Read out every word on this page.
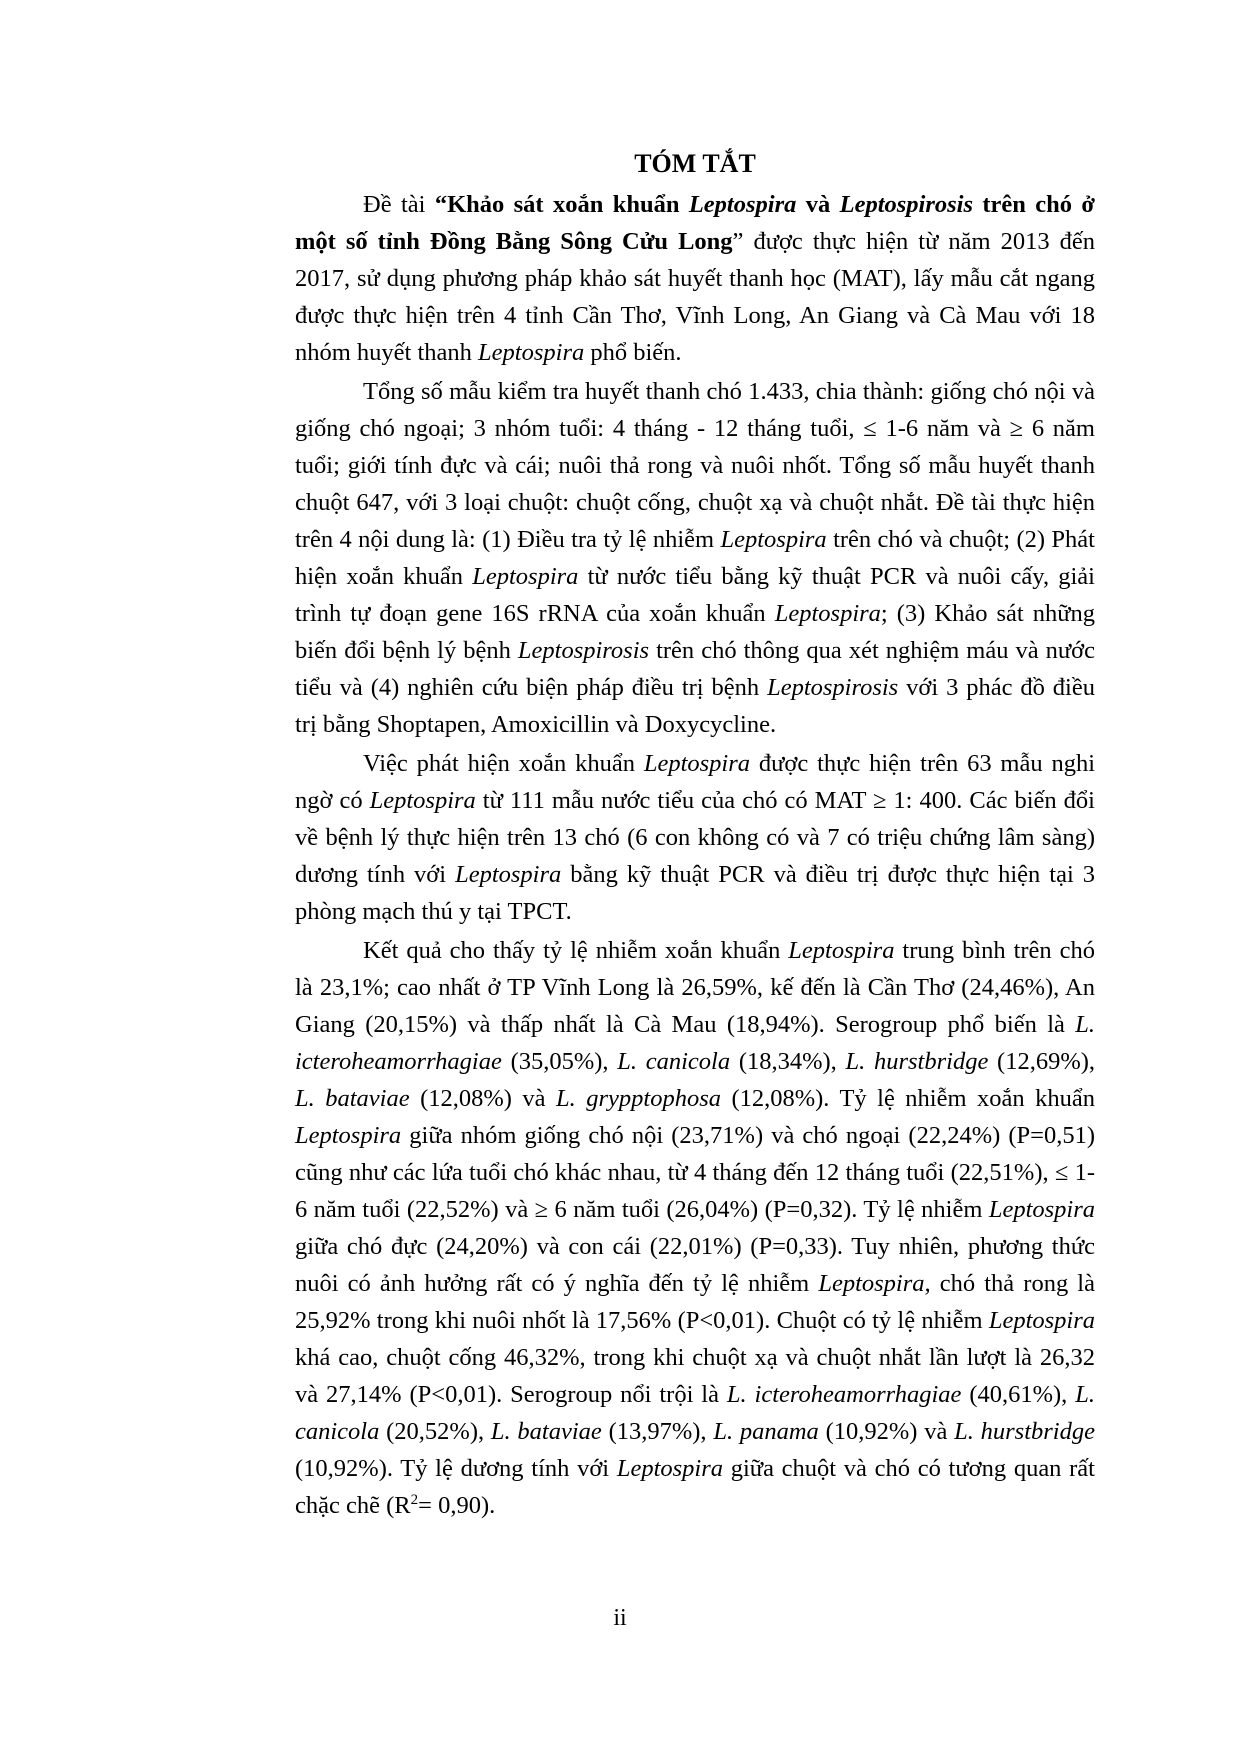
TÓM TẮT

Đề tài “Khảo sát xoắn khuẩn Leptospira và Leptospirosis trên chó ở một số tỉnh Đồng Bằng Sông Cửu Long” được thực hiện từ năm 2013 đến 2017, sử dụng phương pháp khảo sát huyết thanh học (MAT), lấy mẫu cắt ngang được thực hiện trên 4 tỉnh Cần Thơ, Vĩnh Long, An Giang và Cà Mau với 18 nhóm huyết thanh Leptospira phổ biến.

Tổng số mẫu kiểm tra huyết thanh chó 1.433, chia thành: giống chó nội và giống chó ngoại; 3 nhóm tuổi: 4 tháng - 12 tháng tuổi, ≤ 1-6 năm và ≥ 6 năm tuổi; giới tính đực và cái; nuôi thả rong và nuôi nhốt. Tổng số mẫu huyết thanh chuột 647, với 3 loại chuột: chuột cống, chuột xạ và chuột nhắt. Đề tài thực hiện trên 4 nội dung là: (1) Điều tra tỷ lệ nhiễm Leptospira trên chó và chuột; (2) Phát hiện xoắn khuẩn Leptospira từ nước tiểu bằng kỹ thuật PCR và nuôi cấy, giải trình tự đoạn gene 16S rRNA của xoắn khuẩn Leptospira; (3) Khảo sát những biến đổi bệnh lý bệnh Leptospirosis trên chó thông qua xét nghiệm máu và nước tiểu và (4) nghiên cứu biện pháp điều trị bệnh Leptospirosis với 3 phác đồ điều trị bằng Shoptapen, Amoxicillin và Doxycycline.

Việc phát hiện xoắn khuẩn Leptospira được thực hiện trên 63 mẫu nghi ngờ có Leptospira từ 111 mẫu nước tiểu của chó có MAT ≥ 1: 400. Các biến đổi về bệnh lý thực hiện trên 13 chó (6 con không có và 7 có triệu chứng lâm sàng) dương tính với Leptospira bằng kỹ thuật PCR và điều trị được thực hiện tại 3 phòng mạch thú y tại TPCT.

Kết quả cho thấy tỷ lệ nhiễm xoắn khuẩn Leptospira trung bình trên chó là 23,1%; cao nhất ở TP Vĩnh Long là 26,59%, kế đến là Cần Thơ (24,46%), An Giang (20,15%) và thấp nhất là Cà Mau (18,94%). Serogroup phổ biến là L. icteroheamorrhagiae (35,05%), L. canicola (18,34%), L. hurstbridge (12,69%), L. bataviae (12,08%) và L. grypptophosa (12,08%). Tỷ lệ nhiễm xoắn khuẩn Leptospira giữa nhóm giống chó nội (23,71%) và chó ngoại (22,24%) (P=0,51) cũng như các lứa tuổi chó khác nhau, từ 4 tháng đến 12 tháng tuổi (22,51%), ≤ 1-6 năm tuổi (22,52%) và ≥ 6 năm tuổi (26,04%) (P=0,32). Tỷ lệ nhiễm Leptospira giữa chó đực (24,20%) và con cái (22,01%) (P=0,33). Tuy nhiên, phương thức nuôi có ảnh hưởng rất có ý nghĩa đến tỷ lệ nhiễm Leptospira, chó thả rong là 25,92% trong khi nuôi nhốt là 17,56% (P<0,01). Chuột có tỷ lệ nhiễm Leptospira khá cao, chuột cống 46,32%, trong khi chuột xạ và chuột nhắt lần lượt là 26,32 và 27,14% (P<0,01). Serogroup nổi trội là L. icteroheamorrhagiae (40,61%), L. canicola (20,52%), L. bataviae (13,97%), L. panama (10,92%) và L. hurstbridge (10,92%). Tỷ lệ dương tính với Leptospira giữa chuột và chó có tương quan rất chặc chẽ $(R^2= 0,90)$.

ii
